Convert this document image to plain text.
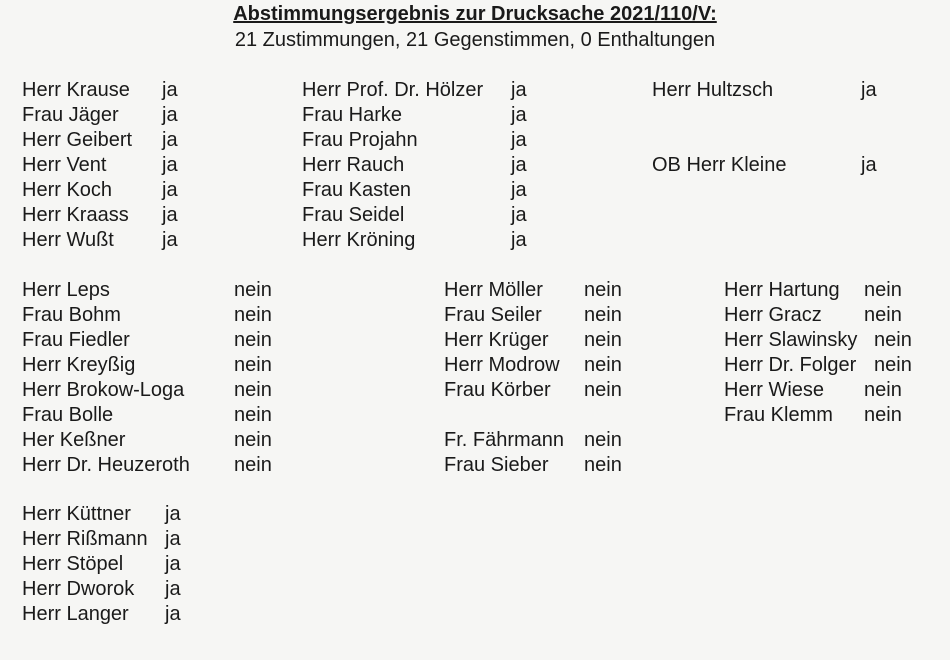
Abstimmungsergebnis zur Drucksache 2021/110/V:
21 Zustimmungen, 21 Gegenstimmen, 0 Enthaltungen
Herr Krause ja
Frau Jäger ja
Herr Geibert ja
Herr Vent	ja
Herr Koch ja
Herr Kraass ja
Herr Wußt ja
Herr Prof. Dr. Hölzer ja
Frau Harke	ja
Frau Projahn	ja
Herr Rauch	ja
Frau Kasten	ja
Frau Seidel	ja
Herr Kröning	ja
Herr Hultzsch	ja
OB Herr Kleine	ja
Herr Leps	nein
Frau Bohm	nein
Frau Fiedler	nein
Herr Kreyßig	nein
Herr Brokow-Loga nein
Frau Bolle	nein
Her Keßner	nein
Herr Dr. Heuzeroth nein
Herr Möller nein
Frau Seiler nein
Herr Krüger nein
Herr Modrow nein
Frau Körber nein
Fr. Fährmann nein
Frau Sieber nein
Herr Hartung nein
Herr Gracz nein
Herr Slawinsky nein
Herr Dr. Folger nein
Herr Wiese nein
Frau Klemm nein
Herr Küttner ja
Herr Rißmann ja
Herr Stöpel ja
Herr Dworok ja
Herr Langer ja
